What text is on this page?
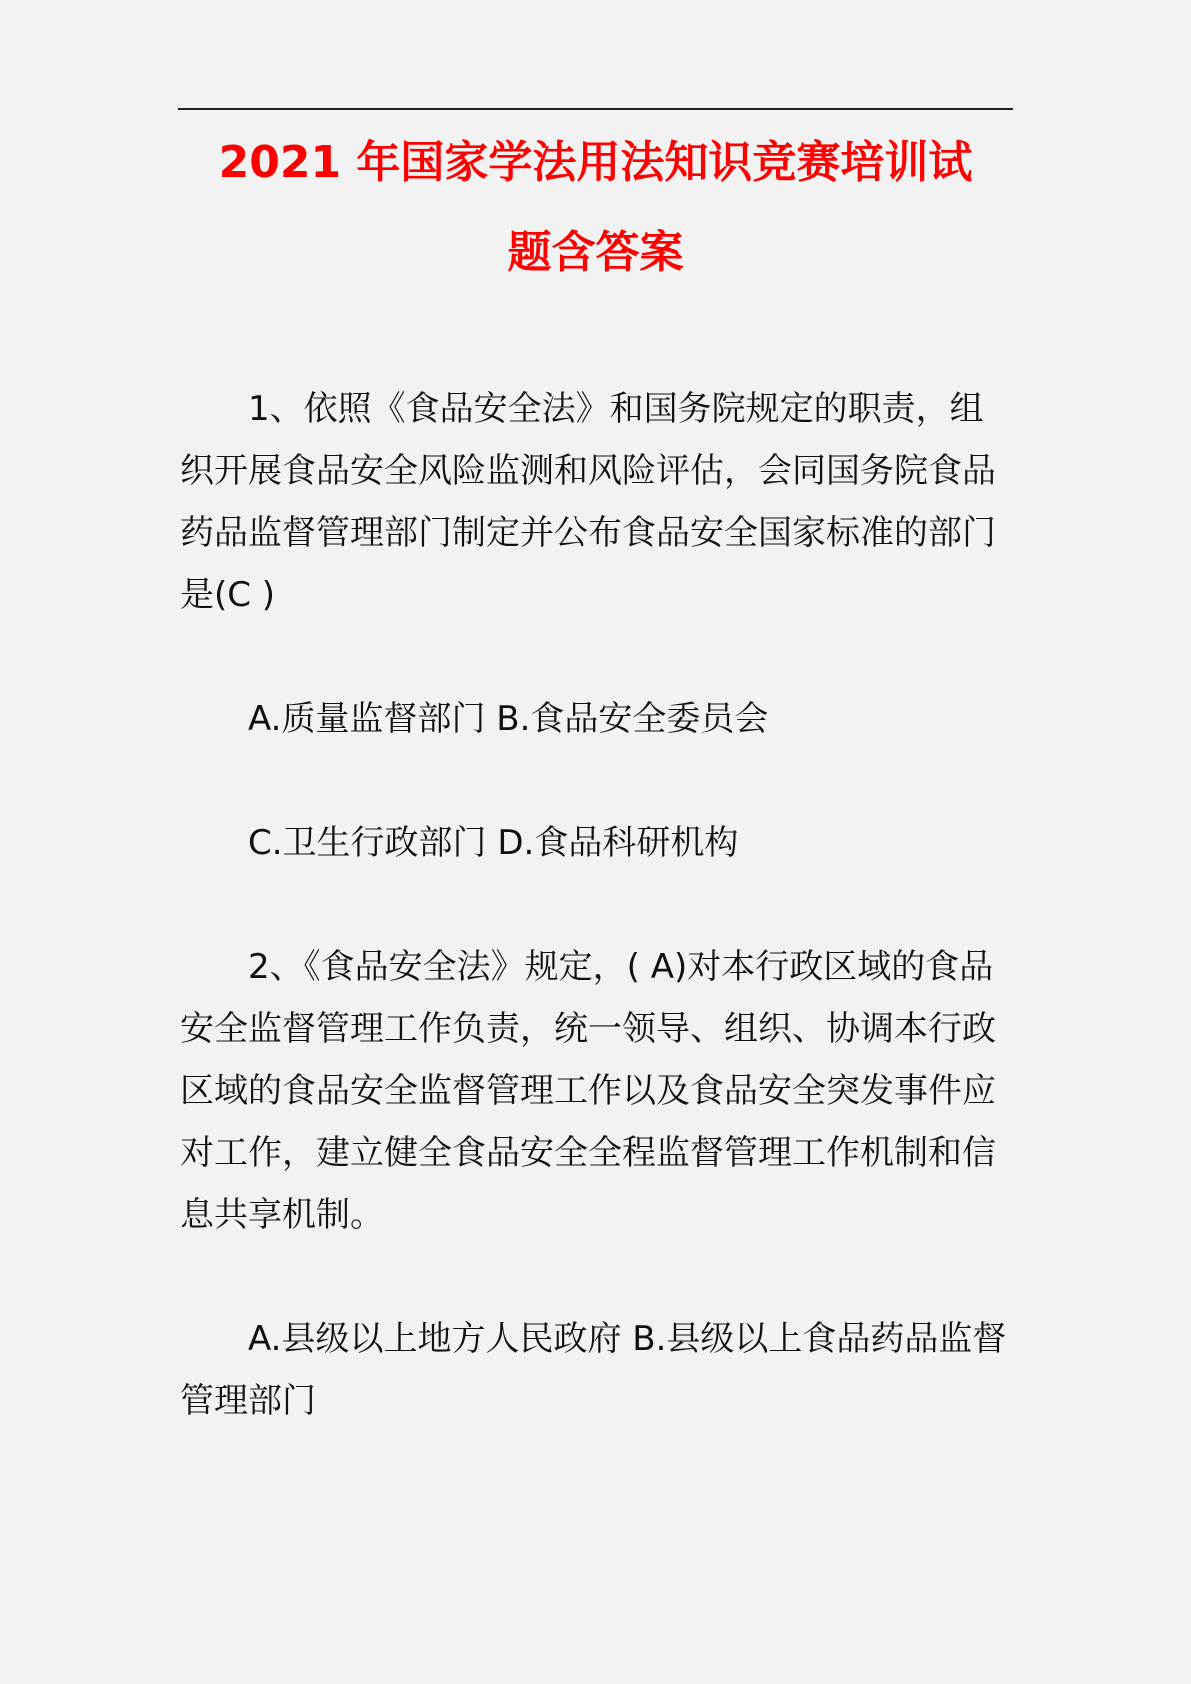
2021 年国家学法用法知识竞赛培训试
题含答案

1、依照《食品安全法》和国务院规定的职责，组织开展食品安全风险监测和风险评估，会同国务院食品药品监督管理部门制定并公布食品安全国家标准的部门是(C )

A.质量监督部门 B.食品安全委员会

C.卫生行政部门 D.食品科研机构

2、《食品安全法》规定，( A)对本行政区域的食品安全监督管理工作负责，统一领导、组织、协调本行政区域的食品安全监督管理工作以及食品安全突发事件应对工作，建立健全食品安全全程监督管理工作机制和信息共享机制。

A.县级以上地方人民政府 B.县级以上食品药品监督管理部门
